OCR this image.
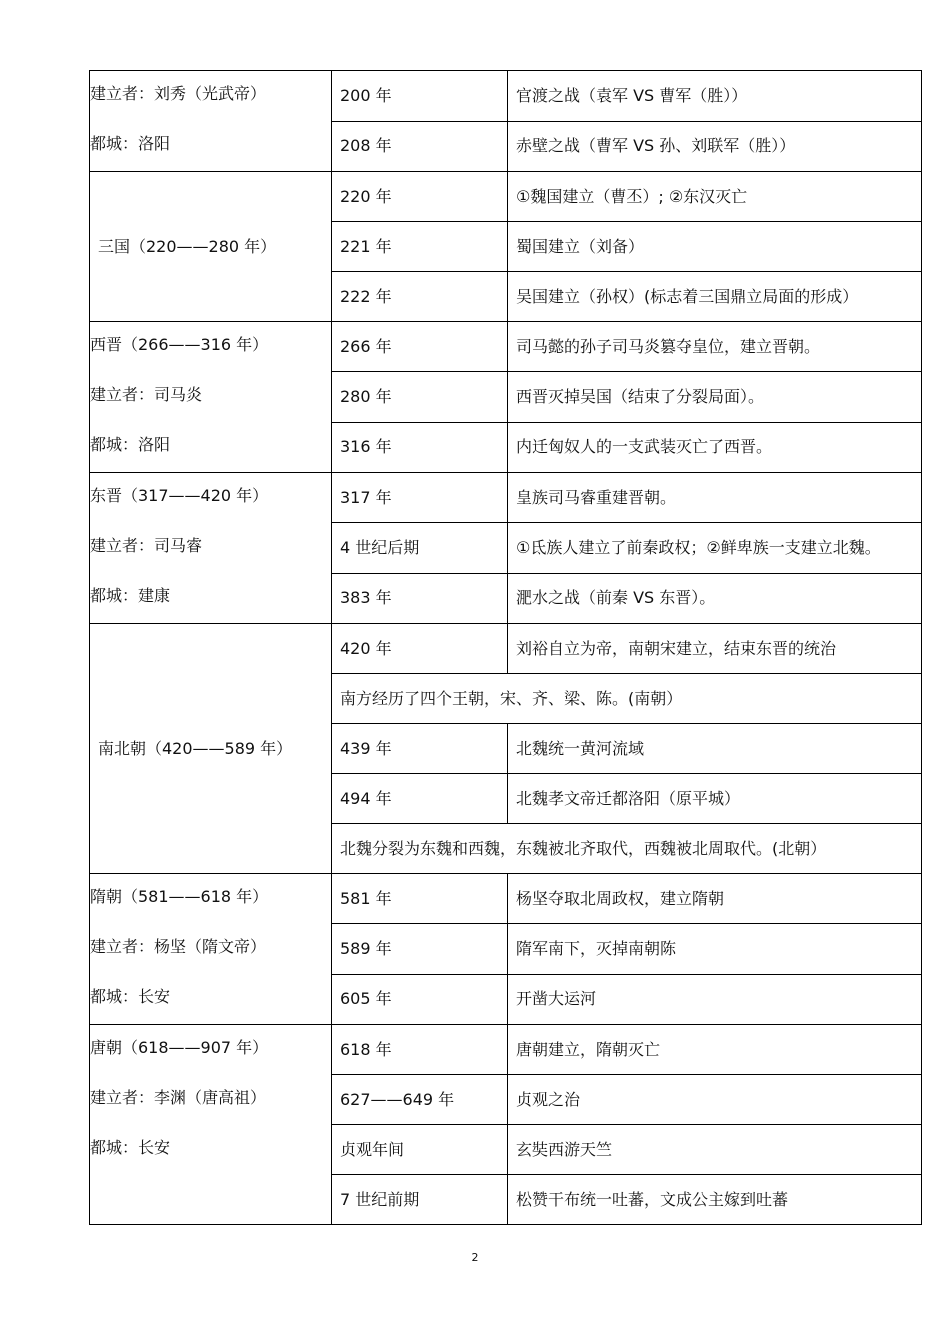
建立者：刘秀（光武帝）
都城：洛阳	200 年	官渡之战（袁军 VS 曹军（胜））

	208 年	赤壁之战（曹军 VS 孙、刘联军（胜））

三国（220——280 年）	220 年	①魏国建立（曹丕）; ②东汉灭亡

	221 年	蜀国建立（刘备）

	222 年	吴国建立（孙权）(标志着三国鼎立局面的形成）

西晋（266——316 年）
建立者：司马炎
都城：洛阳	266 年	司马懿的孙子司马炎篡夺皇位，建立晋朝。

	280 年	西晋灭掉吴国（结束了分裂局面）。

	316 年	内迁匈奴人的一支武装灭亡了西晋。

东晋（317——420 年）
建立者：司马睿
都城：建康	317 年	皇族司马睿重建晋朝。

	4 世纪后期	①氐族人建立了前秦政权；②鲜卑族一支建立北魏。

	383 年	淝水之战（前秦 VS 东晋）。

南北朝（420——589 年）	420 年	刘裕自立为帝，南朝宋建立，结束东晋的统治

	南方经历了四个王朝，宋、齐、梁、陈。(南朝）	

	439 年	北魏统一黄河流域

	494 年	北魏孝文帝迁都洛阳（原平城）

	北魏分裂为东魏和西魏，东魏被北齐取代，西魏被北周取代。(北朝）	

隋朝（581——618 年）
建立者：杨坚（隋文帝）
都城：长安	581 年	杨坚夺取北周政权，建立隋朝

	589 年	隋军南下，灭掉南朝陈

	605 年	开凿大运河

唐朝（618——907 年）
建立者：李渊（唐高祖）
都城：长安	618 年	唐朝建立，隋朝灭亡

	627——649 年	贞观之治

	贞观年间	玄奘西游天竺

	7 世纪前期	松赞干布统一吐蕃，文成公主嫁到吐蕃
2
